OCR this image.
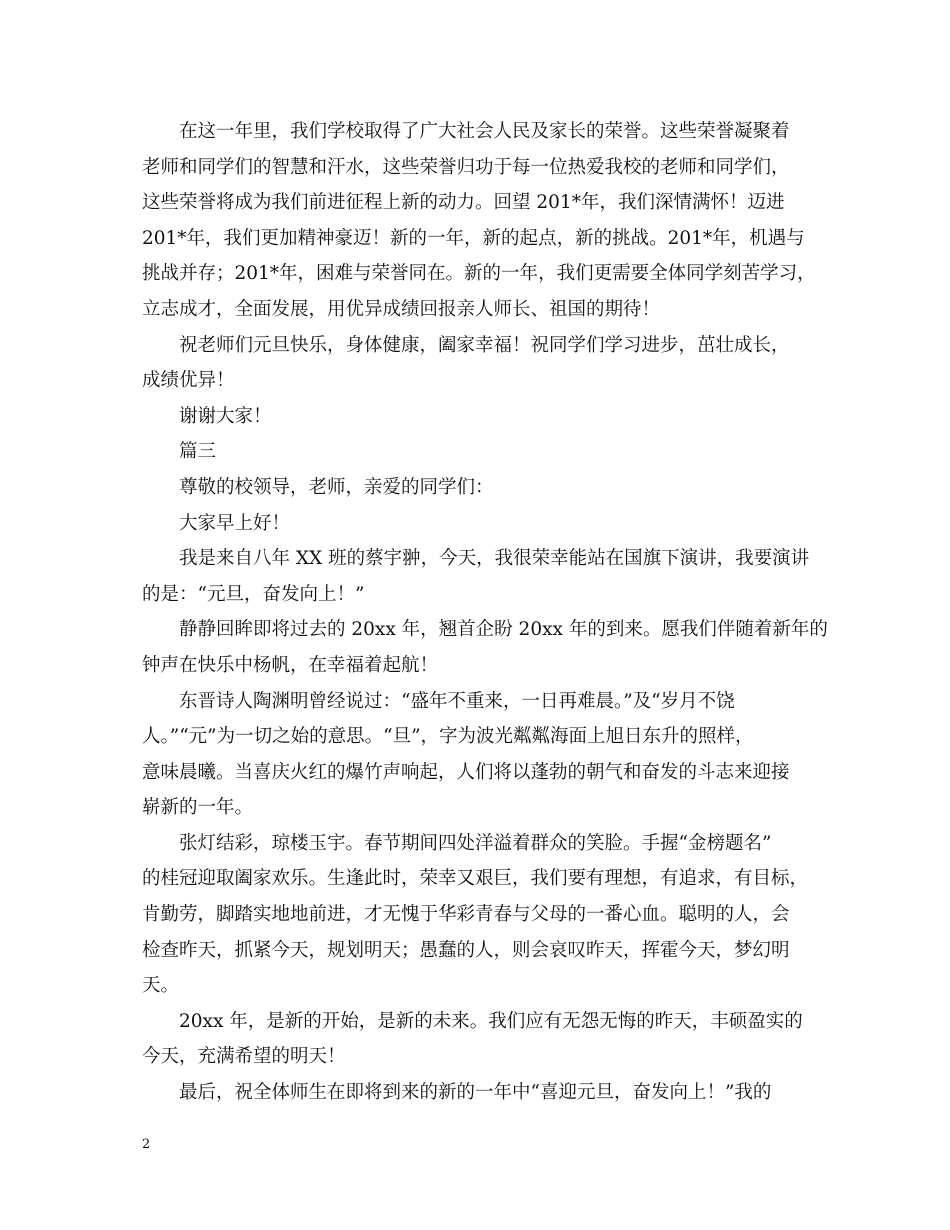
在这一年里，我们学校取得了广大社会人民及家长的荣誉。这些荣誉凝聚着
老师和同学们的智慧和汗水，这些荣誉归功于每一位热爱我校的老师和同学们，
这些荣誉将成为我们前进征程上新的动力。回望 201*年，我们深情满怀！迈进
201*年，我们更加精神豪迈！新的一年，新的起点，新的挑战。201*年，机遇与
挑战并存；201*年，困难与荣誉同在。新的一年，我们更需要全体同学刻苦学习，
立志成才，全面发展，用优异成绩回报亲人师长、祖国的期待！
祝老师们元旦快乐，身体健康，阖家幸福！祝同学们学习进步，茁壮成长，
成绩优异！
谢谢大家！
篇三
尊敬的校领导，老师，亲爱的同学们：
大家早上好！
我是来自八年 XX 班的蔡宇翀，今天，我很荣幸能站在国旗下演讲，我要演讲
的是：“元旦，奋发向上！”
静静回眸即将过去的 20xx 年，翘首企盼 20xx 年的到来。愿我们伴随着新年的
钟声在快乐中杨帆，在幸福着起航！
东晋诗人陶渊明曾经说过：“盛年不重来，一日再难晨。”及“岁月不饶
人。”“元”为一切之始的意思。“旦”，字为波光粼粼海面上旭日东升的照样，
意味晨曦。当喜庆火红的爆竹声响起，人们将以蓬勃的朝气和奋发的斗志来迎接
崭新的一年。
张灯结彩，琼楼玉宇。春节期间四处洋溢着群众的笑脸。手握“金榜题名”
的桂冠迎取阖家欢乐。生逢此时，荣幸又艰巨，我们要有理想，有追求，有目标，
肯勤劳，脚踏实地地前进，才无愧于华彩青春与父母的一番心血。聪明的人，会
检查昨天，抓紧今天，规划明天；愚蠢的人，则会哀叹昨天，挥霍今天，梦幻明
天。
20xx 年，是新的开始，是新的未来。我们应有无怨无悔的昨天，丰硕盈实的
今天，充满希望的明天！
最后，祝全体师生在即将到来的新的一年中“喜迎元旦，奋发向上！”我的
2
